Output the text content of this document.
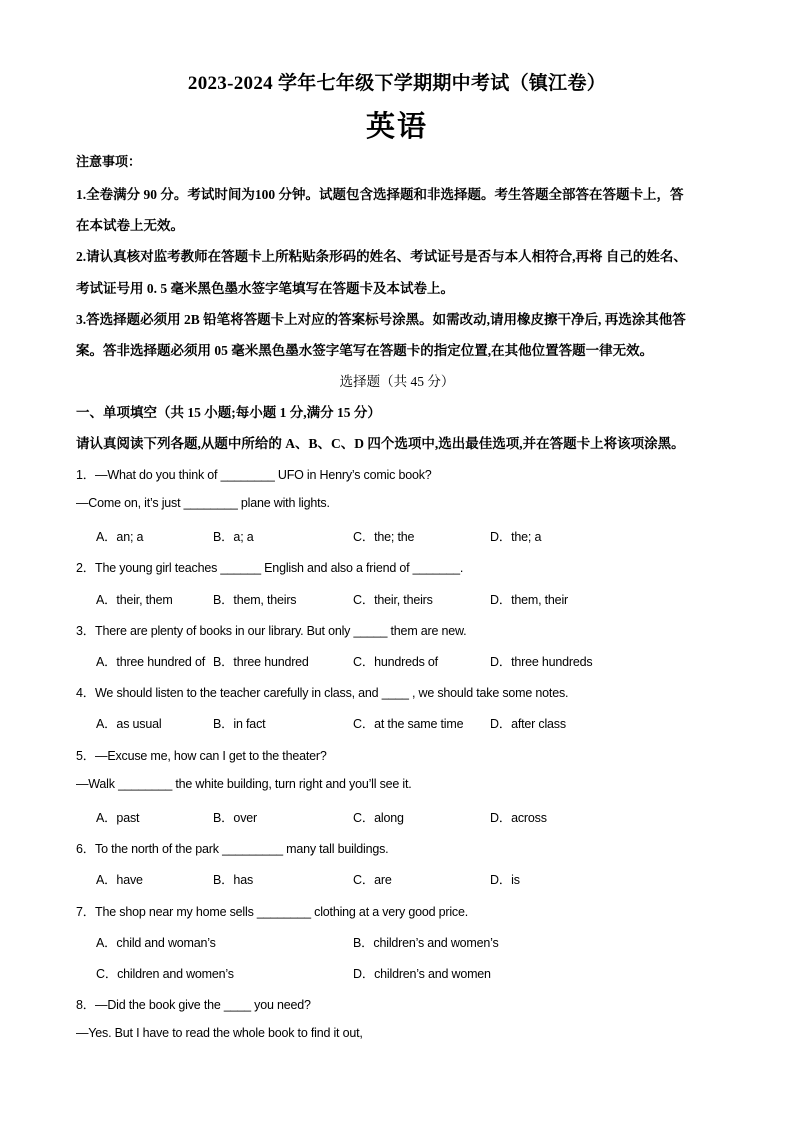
2023-2024 学年七年级下学期期中考试（镇江卷）
英语
注意事项：
1.全卷满分 90 分。考试时间为100 分钟。试题包含选择题和非选择题。考生答题全部答在答题卡上，答
在本试卷上无效。
2.请认真核对监考教师在答题卡上所粘贴条形码的姓名、考试证号是否与本人相符合,再将 自己的姓名、
考试证号用 0. 5 毫米黑色墨水签字笔填写在答题卡及本试卷上。
3.答选择题必须用 2B 铅笔将答题卡上对应的答案标号涂黑。如需改动,请用橡皮擦干净后, 再选涂其他答
案。答非选择题必须用 05 毫米黑色墨水签字笔写在答题卡的指定位置,在其他位置答题一律无效。
选择题（共 45 分）
一、单项填空（共 15 小题;每小题 1 分,满分 15 分）
请认真阅读下列各题,从题中所给的 A、B、C、D 四个选项中,选出最佳选项,并在答题卡上将该项涂黑。
1．—What do you think of ________ UFO in Henry’s comic book?
—Come on, it’s just ________ plane with lights.
A．an; a	B．a; a	C．the; the	D．the; a
2．The young girl teaches ______ English and also a friend of _______.
A．their, them	B．them, theirs	C．their, theirs	D．them, their
3．There are plenty of books in our library. But only _____ them are new.
A．three hundred of B．three hundred	C．hundreds of	D．three hundreds
4．We should listen to the teacher carefully in class, and ____ , we should take some notes.
A．as usual	B．in fact	C．at the same time D．after class
5．—Excuse me, how can I get to the theater?
—Walk ________ the white building, turn right and you’ll see it.
A．past	B．over	C．along	D．across
6．To the north of the park _________ many tall buildings.
A．have	B．has	C．are	D．is
7．The shop near my home sells ________ clothing at a very good price.
A．child and woman’s	B．children’s and women’s
C．children and women’s	D．children’s and women
8．—Did the book give the ____ you need?
—Yes. But I have to read the whole book to find it out,
